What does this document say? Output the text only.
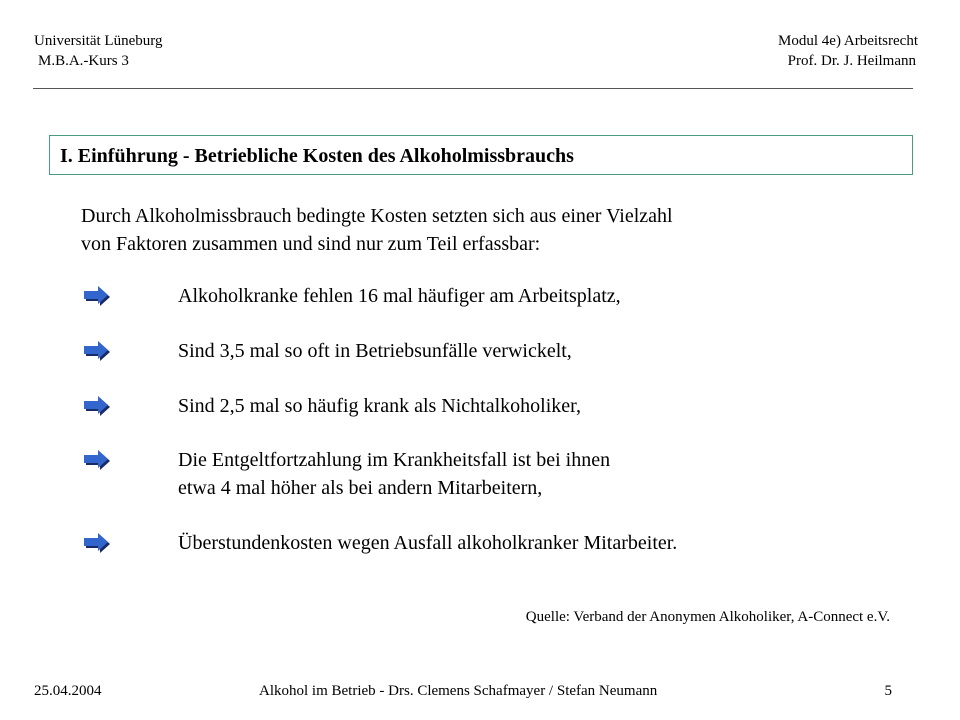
Universität Lüneburg
M.B.A.-Kurs 3
Modul 4e) Arbeitsrecht
Prof. Dr. J. Heilmann
I. Einführung - Betriebliche Kosten des Alkoholmissbrauchs
Durch Alkoholmissbrauch bedingte Kosten setzten sich aus einer Vielzahl
von Faktoren zusammen und sind nur zum Teil erfassbar:
Alkoholkranke fehlen 16 mal häufiger am Arbeitsplatz,
Sind 3,5 mal so oft in Betriebsunfälle verwickelt,
Sind 2,5 mal so häufig krank als Nichtalkoholiker,
Die Entgeltfortzahlung im Krankheitsfall ist bei ihnen
etwa 4 mal höher als bei andern Mitarbeitern,
Überstundenkosten wegen Ausfall alkoholkranker Mitarbeiter.
Quelle: Verband der Anonymen Alkoholiker, A-Connect e.V.
25.04.2004	Alkohol im Betrieb - Drs. Clemens Schafmayer / Stefan Neumann	5
